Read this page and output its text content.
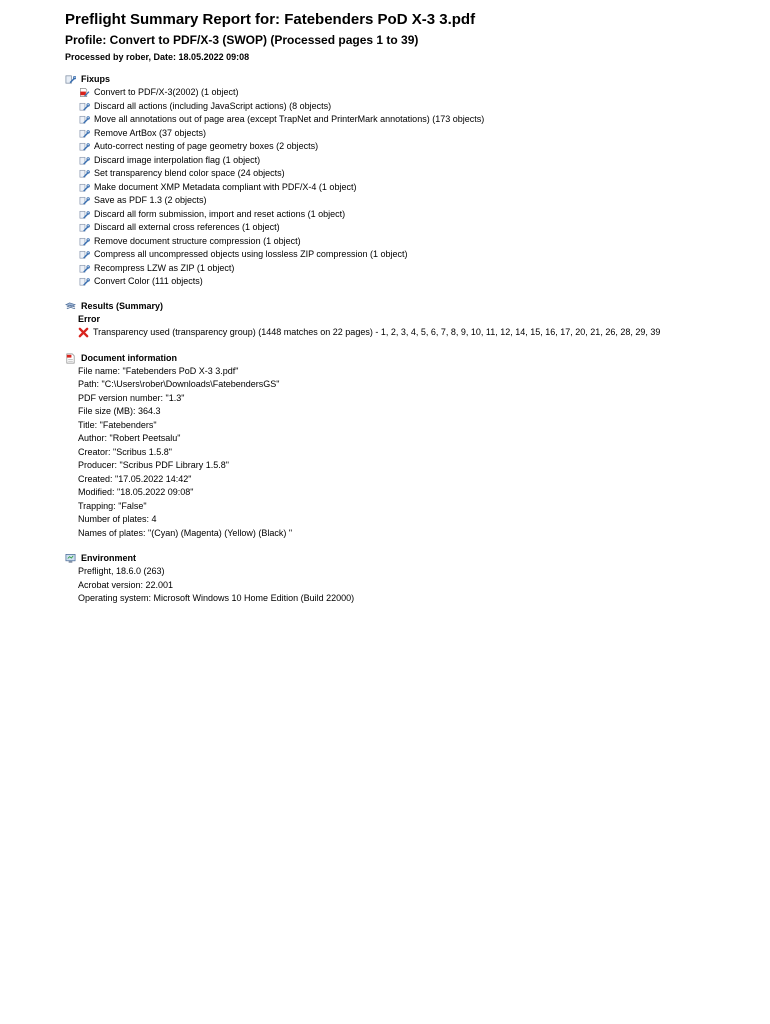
Preflight Summary Report for: Fatebenders PoD X-3 3.pdf
Profile: Convert to PDF/X-3 (SWOP) (Processed pages 1 to 39)
Processed by rober, Date: 18.05.2022 09:08
Fixups
Convert to PDF/X-3(2002) (1 object)
Discard all actions (including JavaScript actions) (8 objects)
Move all annotations out of page area (except TrapNet and PrinterMark annotations) (173 objects)
Remove ArtBox (37 objects)
Auto-correct nesting of page geometry boxes (2 objects)
Discard image interpolation flag (1 object)
Set transparency blend color space (24 objects)
Make document XMP Metadata compliant with PDF/X-4 (1 object)
Save as PDF 1.3 (2 objects)
Discard all form submission, import and reset actions (1 object)
Discard all external cross references (1 object)
Remove document structure compression (1 object)
Compress all uncompressed objects using lossless ZIP compression (1 object)
Recompress LZW as ZIP (1 object)
Convert Color (111 objects)
Results (Summary)
Error
Transparency used (transparency group) (1448 matches on 22 pages) - 1, 2, 3, 4, 5, 6, 7, 8, 9, 10, 11, 12, 14, 15, 16, 17, 20, 21, 26, 28, 29, 39
Document information
File name: "Fatebenders PoD X-3 3.pdf"
Path: "C:\Users\rober\Downloads\FatebendersGS"
PDF version number: "1.3"
File size (MB): 364.3
Title: "Fatebenders"
Author: "Robert Peetsalu"
Creator: "Scribus 1.5.8"
Producer: "Scribus PDF Library 1.5.8"
Created: "17.05.2022 14:42"
Modified: "18.05.2022 09:08"
Trapping: "False"
Number of plates: 4
Names of plates: "(Cyan) (Magenta) (Yellow) (Black) "
Environment
Preflight, 18.6.0 (263)
Acrobat version: 22.001
Operating system: Microsoft Windows 10 Home Edition (Build 22000)
